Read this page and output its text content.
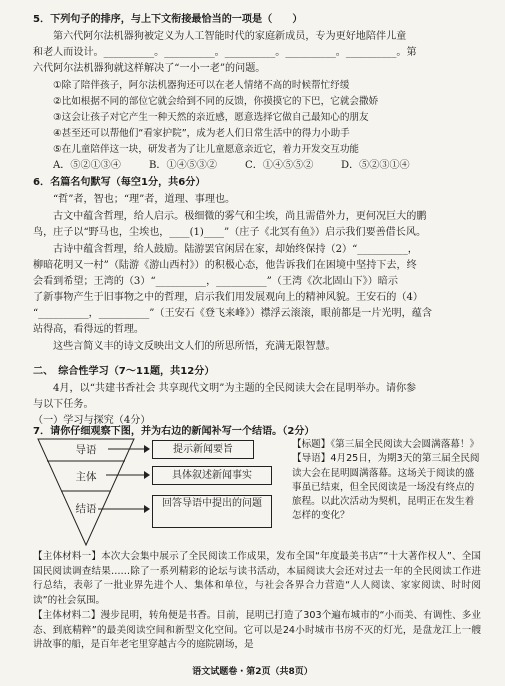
5．下列句子的排序，与上下文衔接最恰当的一项是（　　）
第六代阿尔法机器狗被定义为人工智能时代的家庭新成员，专为更好地陪伴儿童
和老人而设计。__________。__________。__________。__________。__________。第
六代阿尔法机器狗就这样解决了“一小一老”的问题。
①除了陪伴孩子，阿尔法机器狗还可以在老人情绪不高的时候帮忙纾缓
②比如根据不同的部位它就会给到不同的反馈，你摸摸它的下巴，它就会撒娇
③这会让孩子对它产生一种天然的亲近感，愿意选择它做自己最知心的朋友
④甚至还可以帮他们“看家护院”，成为老人们日常生活中的得力小助手
⑤在儿童陪伴这一块，研发者为了让儿童愿意亲近它，着力开发交互功能
A．⑤②①③④	B．①④⑤③②	C．①④⑤⑤②	D．⑤②③①④
6．名篇名句默写（每空1分，共6分）
“哲”者，智也；“理”者，道理、事理也。
古文中蕴含哲理，给人启示。极细微的雾气和尘埃，尚且需借外力，更何况巨大的鹏
鸟，庄子以“野马也，尘埃也，____(1)____”（庄子《北冥有鱼》）启示我们要善借长风。
古诗中蕴含哲理，给人鼓励。陆游罢官闲居在家，却始终保持（2）“__________，
柳暗花明又一村”（陆游《游山西村》）的积极心态，他告诉我们在困境中坚持下去，终
会看到希望；王湾的（3）“__________，__________”（王湾《次北固山下》）暗示
了新事物产生于旧事物之中的哲理，启示我们用发展观向上的精神风貌。王安石的（4）
“__________，__________”（王安石《登飞来峰》）襟浮云滚滚，眼前都是一片光明，蕴含
站得高，看得远的哲理。
这些言简义丰的诗文反映出文人们的所思所悟，充满无限智慧。
二、　综合性学习（7～11题，共12分）
4月，以“共建书香社会 共享现代文明”为主题的全民阅读大会在昆明举办。请你参
与以下任务。
（一）学习与探究（4分）
7．请你仔细观察下图，并为右边的新闻补写一个结语。（2分）
导语
主体
结语
提示新闻要旨
具体叙述新闻事实
回答导语中提出的问题
【标题】《第三届全民阅读大会圆满落幕！》【导语】4月25日，为期3天的第三届全民阅读大会在昆明圆满落幕。这场关于阅读的盛事虽已结束，但全民阅读是一场没有终点的旅程。以此次活动为契机，昆明正在发生着怎样的变化？
【主体材料一】本次大会集中展示了全民阅读工作成果，发布全国“年度最美书店”“十大著作权人”、全国国民阅读调查结果……除了一系列精彩的论坛与读书活动，本届阅读大会还对过去一年的全民阅读工作进行总结，表彰了一批业界先进个人、集体和单位，与社会各界合力营造“人人阅读、家家阅读、时时阅读”的社会氛围。
【主体材料二】漫步昆明，转角便是书香。目前，昆明已打造了303个遍布城市的“小而美、有调性、多业态、到底精粹”的最美阅读空间和新型文化空间。它可以是24小时城市书房不灭的灯光，是盘龙江上一艘讲故事的船，是百年老宅里穿越古今的庭院剧场，是
语文试题卷・第2页（共8页）
